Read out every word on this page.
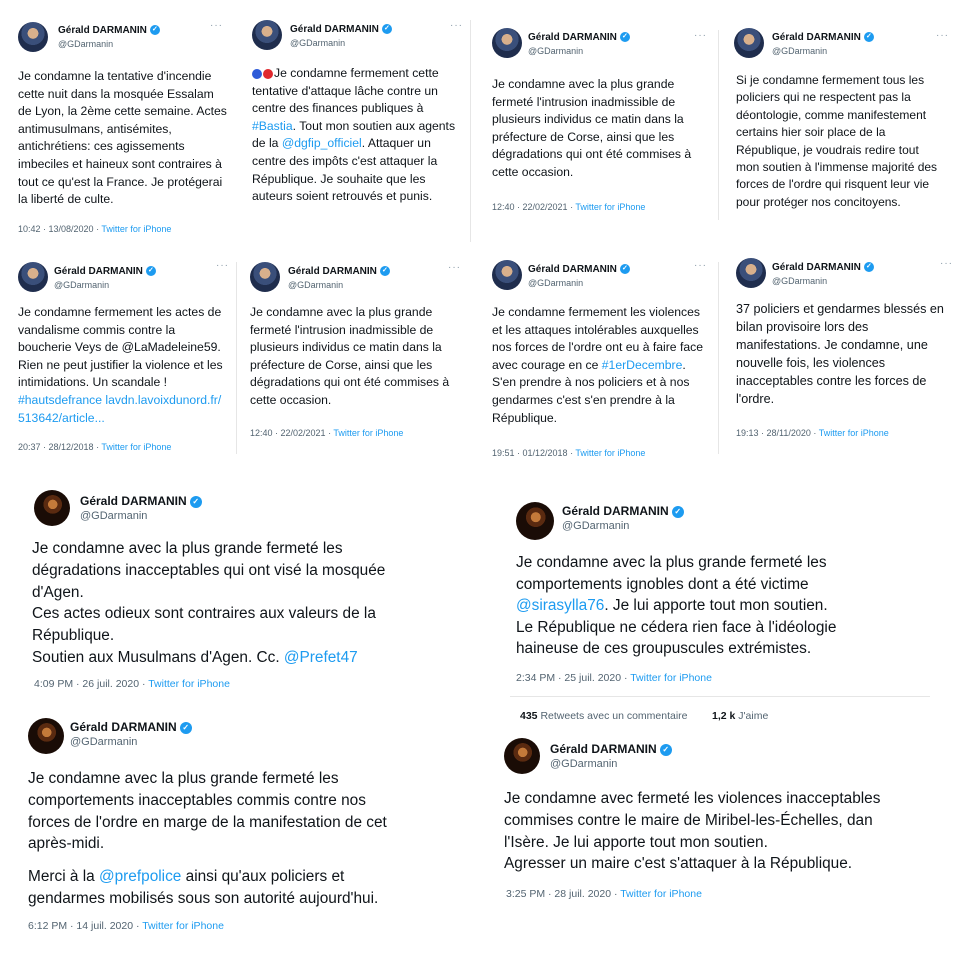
Gérald DARMANIN ✓
@GDarmanin
···
Je condamne la tentative d'incendie
cette nuit dans la mosquée Essalam
de Lyon, la 2ème cette semaine. Actes
antimusulmans, antisémites,
antichrétiens: ces agissements
imbeciles et haineux sont contraires à
tout ce qu'est la France. Je protégerai
la liberté de culte.
10:42 · 13/08/2020 · Twitter for iPhone
Gérald DARMANIN ✓
@GDarmanin
···
Je condamne fermement cette
tentative d'attaque lâche contre un
centre des finances publiques à
#Bastia. Tout mon soutien aux agents
de la @dgfip_officiel. Attaquer un
centre des impôts c'est attaquer la
République. Je souhaite que les
auteurs soient retrouvés et punis.
Gérald DARMANIN ✓
@GDarmanin
···
Je condamne avec la plus grande
fermeté l'intrusion inadmissible de
plusieurs individus ce matin dans la
préfecture de Corse, ainsi que les
dégradations qui ont été commises à
cette occasion.
12:40 · 22/02/2021 · Twitter for iPhone
Gérald DARMANIN ✓
@GDarmanin
···
Si je condamne fermement tous les
policiers qui ne respectent pas la
déontologie, comme manifestement
certains hier soir place de la
République, je voudrais redire tout
mon soutien à l'immense majorité des
forces de l'ordre qui risquent leur vie
pour protéger nos concitoyens.
Gérald DARMANIN ✓
@GDarmanin
···
Je condamne fermement les actes de
vandalisme commis contre la
boucherie Veys de @LaMadeleine59.
Rien ne peut justifier la violence et les
intimidations. Un scandale !
#hautsdefrance lavdn.lavoixdunord.fr/
513642/article...
20:37 · 28/12/2018 · Twitter for iPhone
Gérald DARMANIN ✓
@GDarmanin
···
Je condamne avec la plus grande
fermeté l'intrusion inadmissible de
plusieurs individus ce matin dans la
préfecture de Corse, ainsi que les
dégradations qui ont été commises à
cette occasion.
12:40 · 22/02/2021 · Twitter for iPhone
Gérald DARMANIN ✓
@GDarmanin
···
Je condamne fermement les violences
et les attaques intolérables auxquelles
nos forces de l'ordre ont eu à faire face
avec courage en ce #1erDecembre.
S'en prendre à nos policiers et à nos
gendarmes c'est s'en prendre à la
République.
19:51 · 01/12/2018 · Twitter for iPhone
Gérald DARMANIN ✓
@GDarmanin
···
37 policiers et gendarmes blessés en
bilan provisoire lors des
manifestations. Je condamne, une
nouvelle fois, les violences
inacceptables contre les forces de
l'ordre.
19:13 · 28/11/2020 · Twitter for iPhone
Gérald DARMANIN ✓
@GDarmanin
Je condamne avec la plus grande fermeté les
dégradations inacceptables qui ont visé la mosquée
d'Agen.
Ces actes odieux sont contraires aux valeurs de la
République.
Soutien aux Musulmans d'Agen. Cc. @Prefet47
4:09 PM · 26 juil. 2020 · Twitter for iPhone
Gérald DARMANIN ✓
@GDarmanin
Je condamne avec la plus grande fermeté les
comportements ignobles dont a été victime
@sirasylla76. Je lui apporte tout mon soutien.
Le République ne cédera rien face à l'idéologie
haineuse de ces groupuscules extrémistes.
2:34 PM · 25 juil. 2020 · Twitter for iPhone
435 Retweets avec un commentaire 1,2 k J'aime
Gérald DARMANIN ✓
@GDarmanin
Je condamne avec la plus grande fermeté les
comportements inacceptables commis contre nos
forces de l'ordre en marge de la manifestation de cet
après-midi.
Merci à la @prefpolice ainsi qu'aux policiers et
gendarmes mobilisés sous son autorité aujourd'hui.
6:12 PM · 14 juil. 2020 · Twitter for iPhone
Gérald DARMANIN ✓
@GDarmanin
Je condamne avec fermeté les violences inacceptables
commises contre le maire de Miribel-les-Échelles, dan
l'Isère. Je lui apporte tout mon soutien.
Agresser un maire c'est s'attaquer à la République.
3:25 PM · 28 juil. 2020 · Twitter for iPhone
